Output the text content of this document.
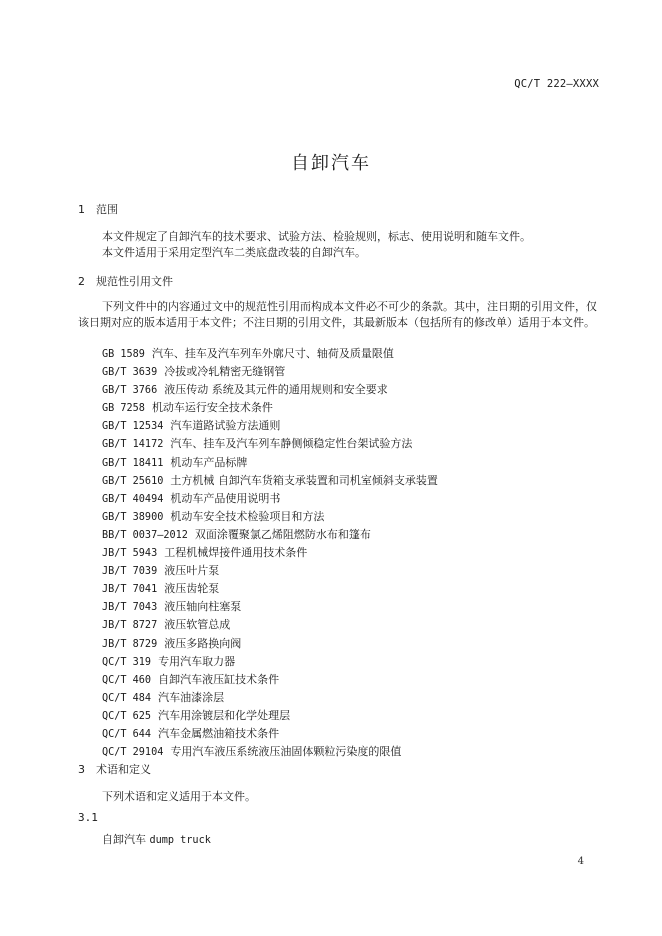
QC/T 222—XXXX
自卸汽车
1 范围

本文件规定了自卸汽车的技术要求、试验方法、检验规则，标志、使用说明和随车文件。

本文件适用于采用定型汽车二类底盘改装的自卸汽车。

2 规范性引用文件

下列文件中的内容通过文中的规范性引用而构成本文件必不可少的条款。其中，注日期的引用文件，仅该日期对应的版本适用于本文件；不注日期的引用文件，其最新版本（包括所有的修改单）适用于本文件。

GB 1589 汽车、挂车及汽车列车外廓尺寸、轴荷及质量限值
GB/T 3639 冷拔或冷轧精密无缝钢管
GB/T 3766 液压传动 系统及其元件的通用规则和安全要求
GB 7258 机动车运行安全技术条件
GB/T 12534 汽车道路试验方法通则
GB/T 14172 汽车、挂车及汽车列车静侧倾稳定性台架试验方法
GB/T 18411 机动车产品标牌
GB/T 25610 土方机械 自卸汽车货箱支承装置和司机室倾斜支承装置
GB/T 40494 机动车产品使用说明书
GB/T 38900 机动车安全技术检验项目和方法
BB/T 0037—2012 双面涂覆聚氯乙烯阻燃防水布和篷布
JB/T 5943 工程机械焊接件通用技术条件
JB/T 7039 液压叶片泵
JB/T 7041 液压齿轮泵
JB/T 7043 液压轴向柱塞泵
JB/T 8727 液压软管总成
JB/T 8729 液压多路换向阀
QC/T 319 专用汽车取力器
QC/T 460 自卸汽车液压缸技术条件
QC/T 484 汽车油漆涂层
QC/T 625 汽车用涂镀层和化学处理层
QC/T 644 汽车金属燃油箱技术条件
QC/T 29104 专用汽车液压系统液压油固体颗粒污染度的限值
3 术语和定义

下列术语和定义适用于本文件。

3.1
自卸汽车 dump truck
4
